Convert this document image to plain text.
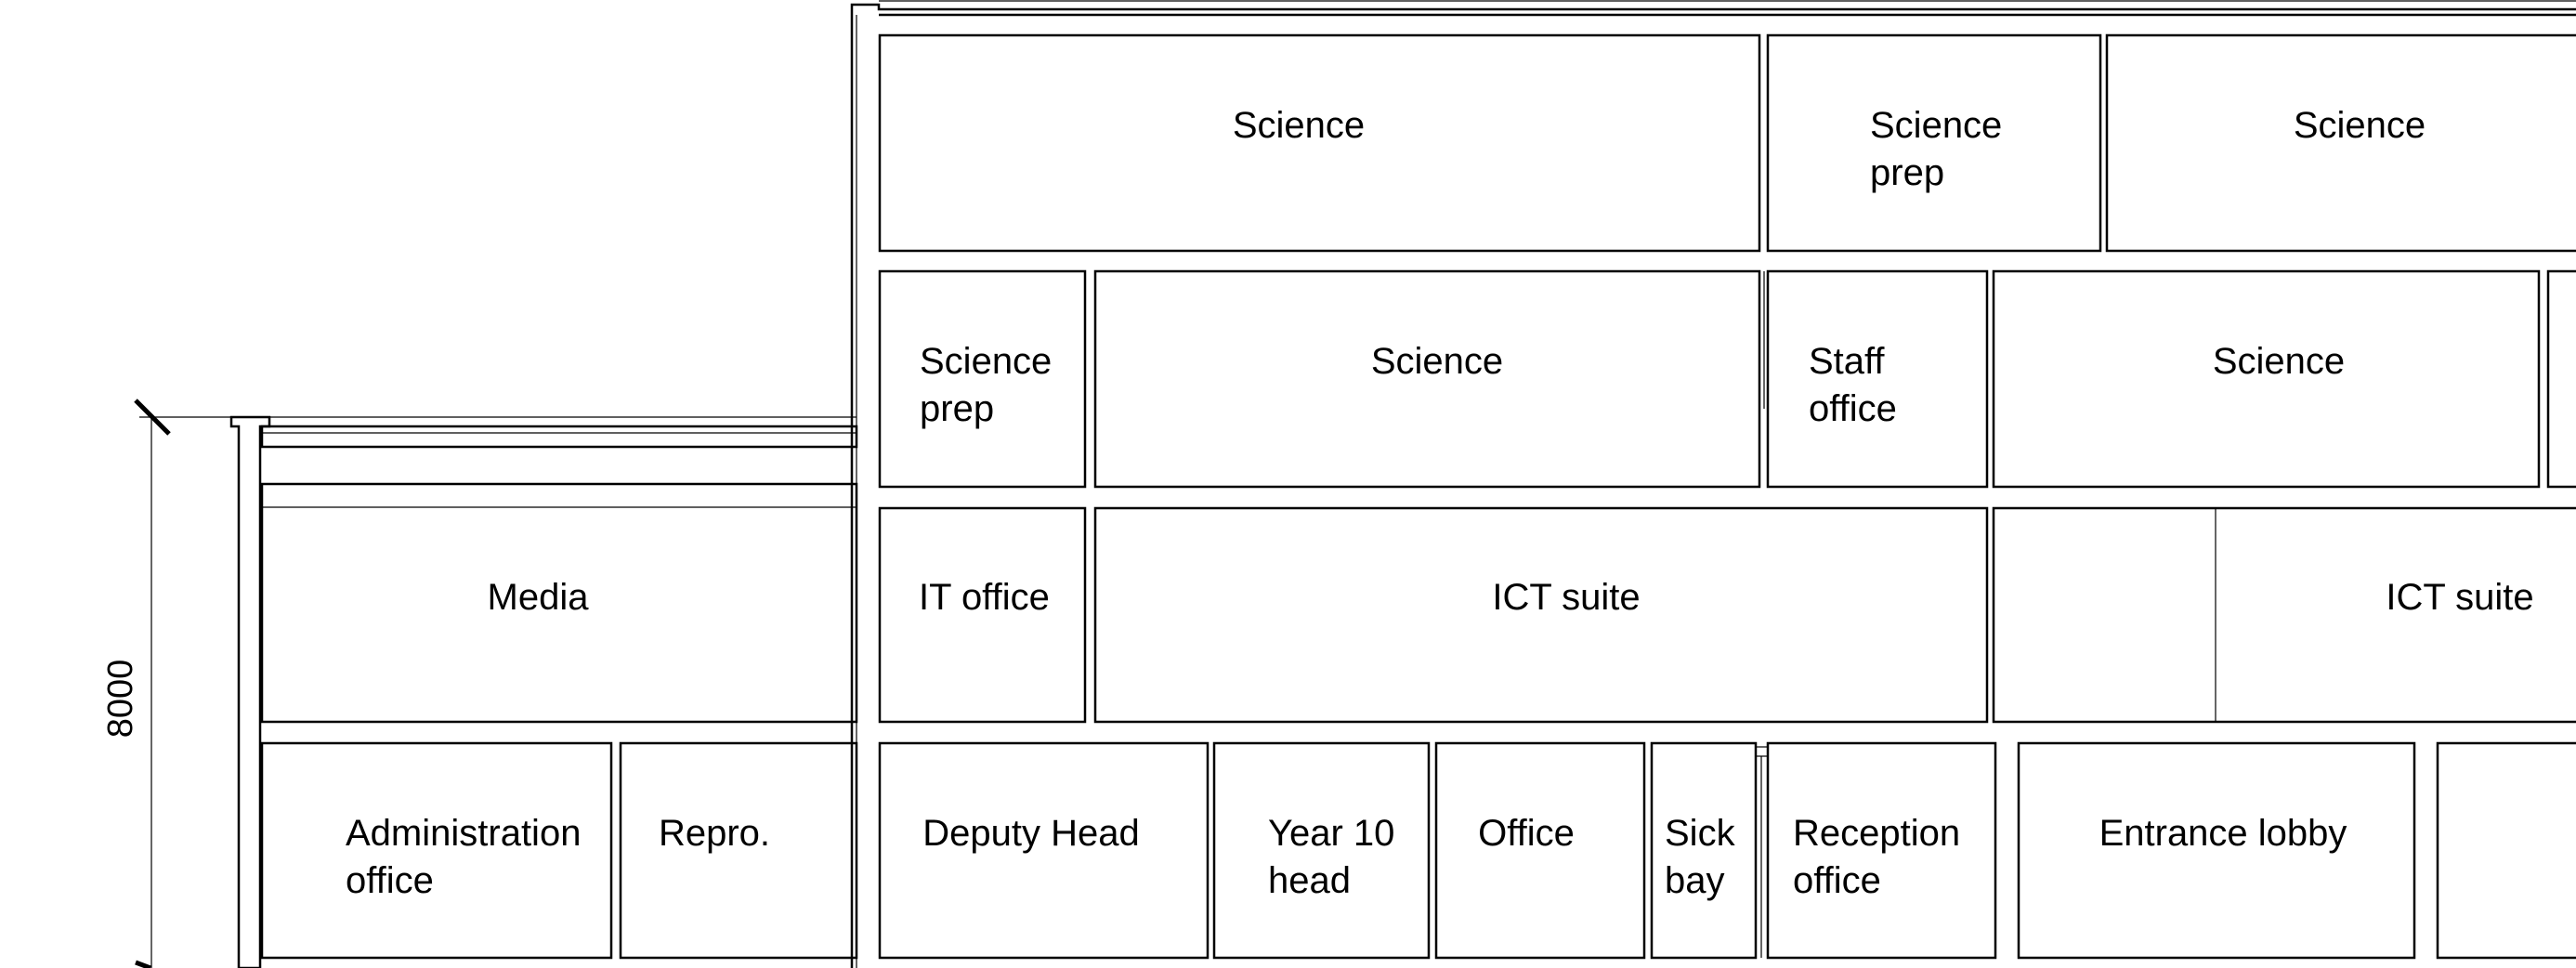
8000
Science	Science prep
Science
Science prep
Science	Staff office
Science
Media	IT office	ICT suite	ICT suite
Administration office
Repro.	Deputy Head	Year 10 head
Office Sick bay
Reception office
Entrance lobby
